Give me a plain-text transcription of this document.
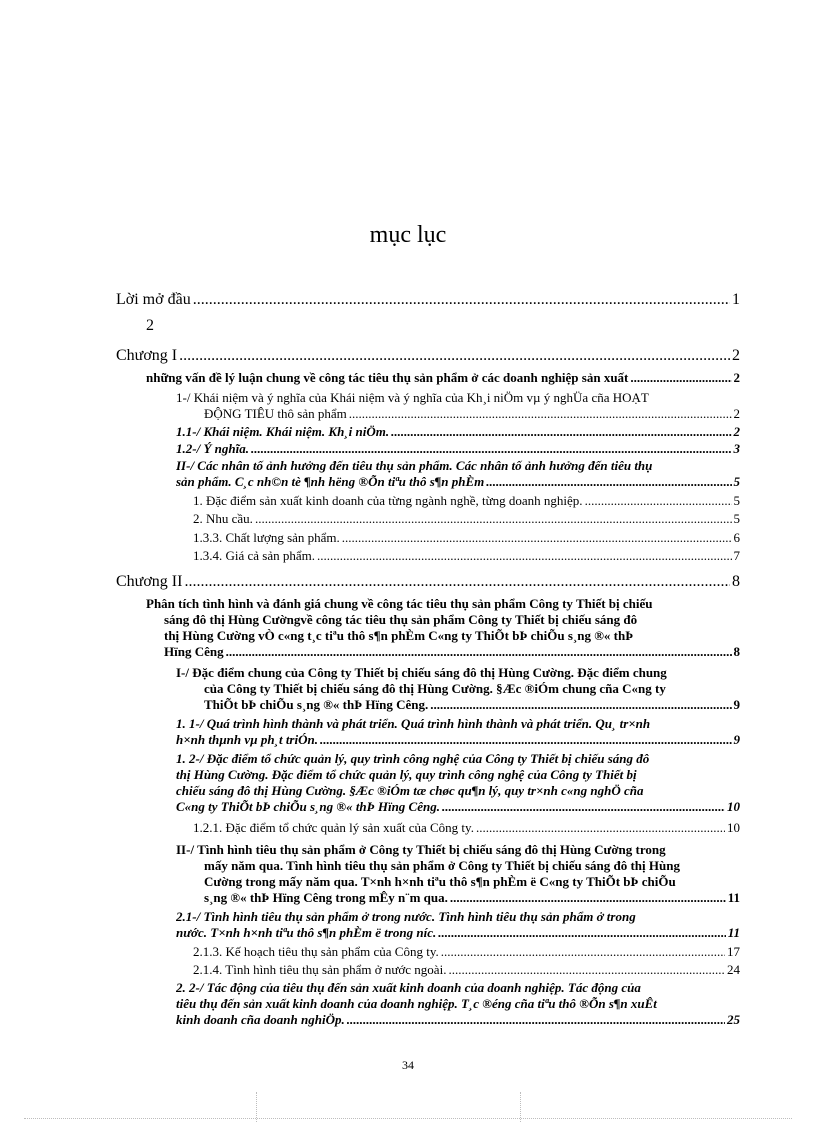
mục lục
Lời mở đầu .....	1
2
Chương I .....	2
những vấn đề lý luận chung về công tác tiêu thụ sản phẩm ở các doanh nghiệp sản xuất .....	2
1-/ Khái niệm và ý nghĩa của Khái niệm và ý nghĩa của Kh¸i niÖm vµ ý nghÜa cña HOẠT
ĐỘNG TIÊU thô sản phẩm .....	2
1.1-/ Khái niệm. Khái niệm. Kh¸i niÖm. .....	2
1.2-/ Ý nghĩa. .....	3
II-/ Các nhân tố ảnh hưởng đến tiêu thụ sản phẩm. Các nhân tố ảnh hưởng đến tiêu thụ
sản phẩm. C¸c nh©n tè ¶nh hëng ®Õn tiªu thô s¶n phÈm .....	5
1. Đặc điểm sản xuất kinh doanh của từng ngành nghề, từng doanh nghiệp. .....	5
2. Nhu cầu. .....	5
1.3.3. Chất lượng sản phẩm. .....	6
1.3.4. Giá cả sản phẩm. .....	7
Chương II .....	8
Phân tích tình hình và đánh giá chung về công tác tiêu thụ sản phẩm Công ty Thiết bị chiếu
sáng đô thị Hùng Cườngvề công tác tiêu thụ sản phẩm Công ty Thiết bị chiếu sáng đô
thị Hùng Cường vÒ c«ng t¸c tiªu thô s¶n phÈm C«ng ty ThiÕt bÞ chiÕu s¸ng ®« thÞ
Hïng Cêng .....	8
I-/ Đặc điểm chung của Công ty Thiết bị chiếu sáng đô thị Hùng Cường. Đặc điểm chung
của Công ty Thiết bị chiếu sáng đô thị Hùng Cường. §Æc ®iÓm chung cña C«ng ty
ThiÕt bÞ chiÕu s¸ng ®« thÞ Hïng Cêng. .....	9
1. 1-/ Quá trình hình thành và phát triển. Quá trình hình thành và phát triển. Qu¸ tr×nh
h×nh thµnh vµ ph¸t triÓn. .....	9
1. 2-/ Đặc điểm tổ chức quản lý, quy trình công nghệ của Công ty Thiết bị chiếu sáng đô
thị Hùng Cường. Đặc điểm tổ chức quản lý, quy trình công nghệ của Công ty Thiết bị
chiếu sáng đô thị Hùng Cường. §Æc ®iÓm tæ chøc qu¶n lý, quy tr×nh c«ng nghÖ cña
C«ng ty ThiÕt bÞ chiÕu s¸ng ®« thÞ Hïng Cêng. .....	10
1.2.1. Đặc điểm tổ chức quản lý sản xuất của Công ty. .....	10
II-/ Tình hình tiêu thụ sản phẩm ở Công ty Thiết bị chiếu sáng đô thị Hùng Cường trong
mấy năm qua. Tình hình tiêu thụ sản phẩm ở Công ty Thiết bị chiếu sáng đô thị Hùng
Cường trong mấy năm qua. T×nh h×nh tiªu thô s¶n phÈm ë C«ng ty ThiÕt bÞ chiÕu
s¸ng ®« thÞ Hïng Cêng trong mÊy n¨m qua. .....	11
2.1-/ Tình hình tiêu thụ sản phẩm ở trong nước. Tình hình tiêu thụ sản phẩm ở trong
nước. T×nh h×nh tiªu thô s¶n phÈm ë trong níc. .....	11
2.1.3. Kế hoạch tiêu thụ sản phẩm của Công ty. .....	17
2.1.4. Tình hình tiêu thụ sản phẩm ở nước ngoài. .....	24
2. 2-/ Tác động của tiêu thụ đến sản xuất kinh doanh của doanh nghiệp. Tác động của
tiêu thụ đến sản xuất kinh doanh của doanh nghiệp. T¸c ®éng cña tiªu thô ®Õn s¶n xuÊt
kinh doanh cña doanh nghiÖp. .....	25
34
